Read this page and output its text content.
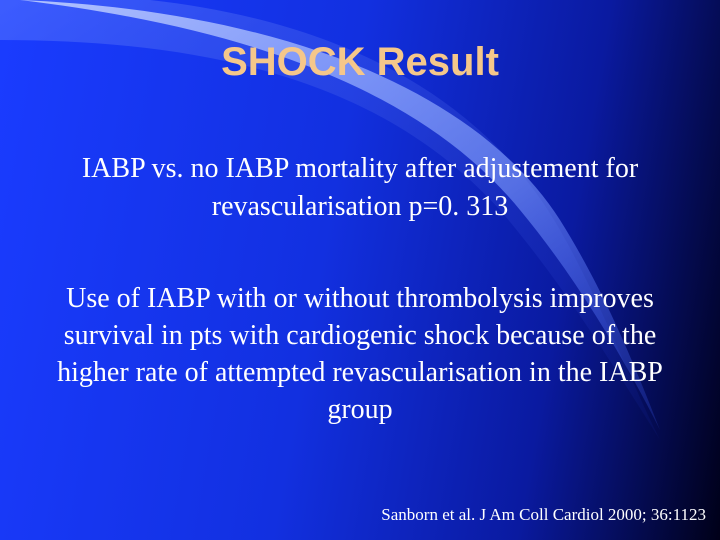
SHOCK Result

IABP vs. no IABP mortality after adjustement for
revascularisation p=0. 313

Use of IABP with or without thrombolysis improves
survival in pts with cardiogenic shock because of the
higher rate of attempted revascularisation in the IABP
group

Sanborn et al. J Am Coll Cardiol 2000; 36:1123
